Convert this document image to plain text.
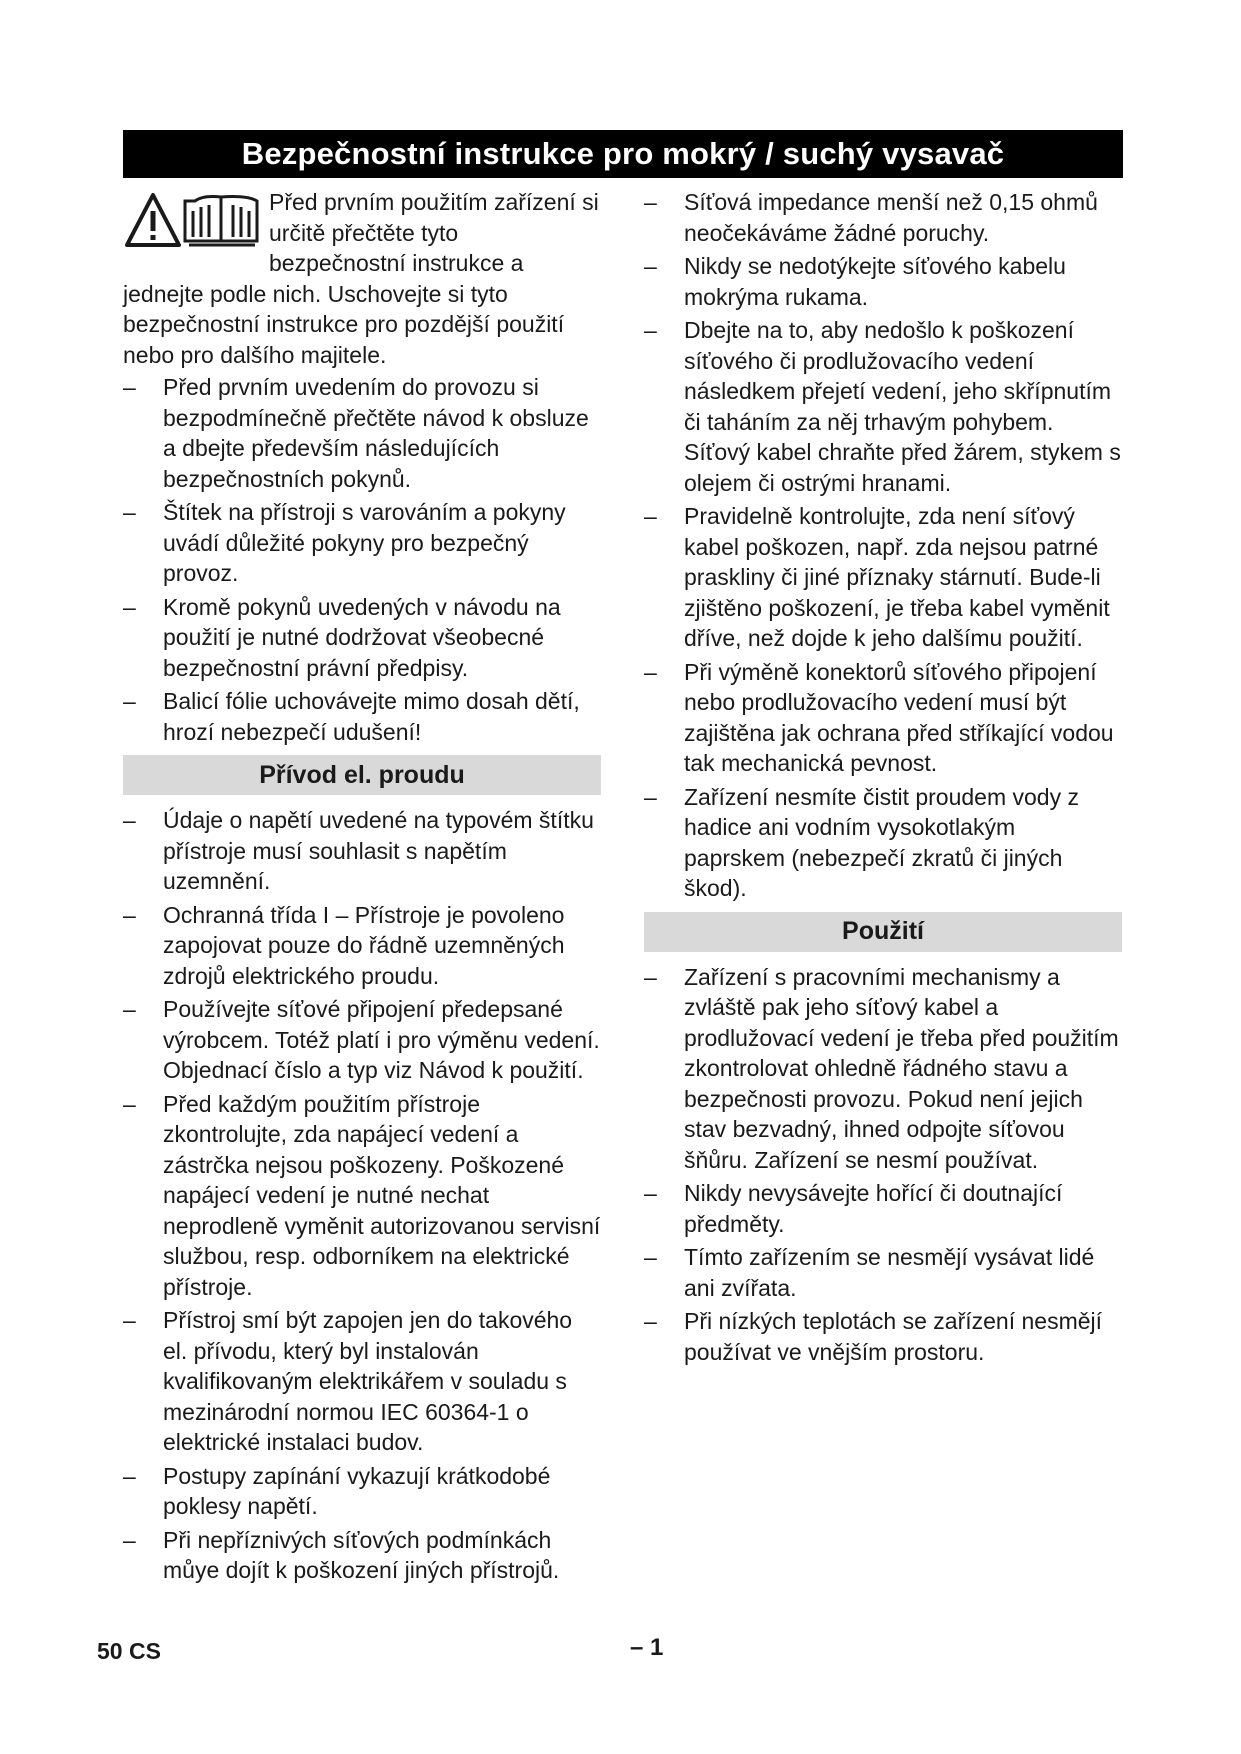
Bezpečnostní instrukce pro mokrý / suchý vysavač

Před prvním použitím zařízení si určitě přečtěte tyto bezpečnostní instrukce a jednejte podle nich. Uschovejte si tyto bezpečnostní instrukce pro pozdější použití nebo pro dalšího majitele.

– Před prvním uvedením do provozu si bezpodmínečně přečtěte návod k obsluze a dbejte především následujících bezpečnostních pokynů.
– Štítek na přístroji s varováním a pokyny uvádí důležité pokyny pro bezpečný provoz.
– Kromě pokynů uvedených v návodu na použití je nutné dodržovat všeobecné bezpečnostní právní předpisy.
– Balicí fólie uchovávejte mimo dosah dětí, hrozí nebezpečí udušení!
Přívod el. proudu
– Údaje o napětí uvedené na typovém štítku přístroje musí souhlasit s napětím uzemnění.
– Ochranná třída I – Přístroje je povoleno zapojovat pouze do řádně uzemněných zdrojů elektrického proudu.
– Používejte síťové připojení předepsané výrobcem. Totéž platí i pro výměnu vedení. Objednací číslo a typ viz Návod k použití.
– Před každým použitím přístroje zkontrolujte, zda napájecí vedení a zástrčka nejsou poškozeny. Poškozené napájecí vedení je nutné nechat neprodleně vyměnit autorizovanou servisní službou, resp. odborníkem na elektrické přístroje.
– Přístroj smí být zapojen jen do takového el. přívodu, který byl instalován kvalifikovaným elektrikářem v souladu s mezinárodní normou IEC 60364-1 o elektrické instalaci budov.
– Postupy zapínání vykazují krátkodobé poklesy napětí.
– Při nepříznivých síťových podmínkách můye dojít k poškození jiných přístrojů.
– Síťová impedance menší než 0,15 ohmů neočekáváme žádné poruchy.
– Nikdy se nedotýkejte síťového kabelu mokrýma rukama.
– Dbejte na to, aby nedošlo k poškození síťového či prodlužovacího vedení následkem přejetí vedení, jeho skřípnutím či taháním za něj trhavým pohybem. Síťový kabel chraňte před žárem, stykem s olejem či ostrými hranami.
– Pravidelně kontrolujte, zda není síťový kabel poškozen, např. zda nejsou patrné praskliny či jiné příznaky stárnutí. Bude-li zjištěno poškození, je třeba kabel vyměnit dříve, než dojde k jeho dalšímu použití.
– Při výměně konektorů síťového připojení nebo prodlužovacího vedení musí být zajištěna jak ochrana před stříkající vodou tak mechanická pevnost.
– Zařízení nesmíte čistit proudem vody z hadice ani vodním vysokotlakým paprskem (nebezpečí zkratů či jiných škod).
Použití
– Zařízení s pracovními mechanismy a zvláště pak jeho síťový kabel a prodlužovací vedení je třeba před použitím zkontrolovat ohledně řádného stavu a bezpečnosti provozu. Pokud není jejich stav bezvadný, ihned odpojte síťovou šňůru. Zařízení se nesmí používat.
– Nikdy nevysávejte hořící či doutnající předměty.
– Tímto zařízením se nesmějí vysávat lidé ani zvířata.
– Při nízkých teplotách se zařízení nesmějí používat ve vnějším prostoru.
50 CS	– 1
